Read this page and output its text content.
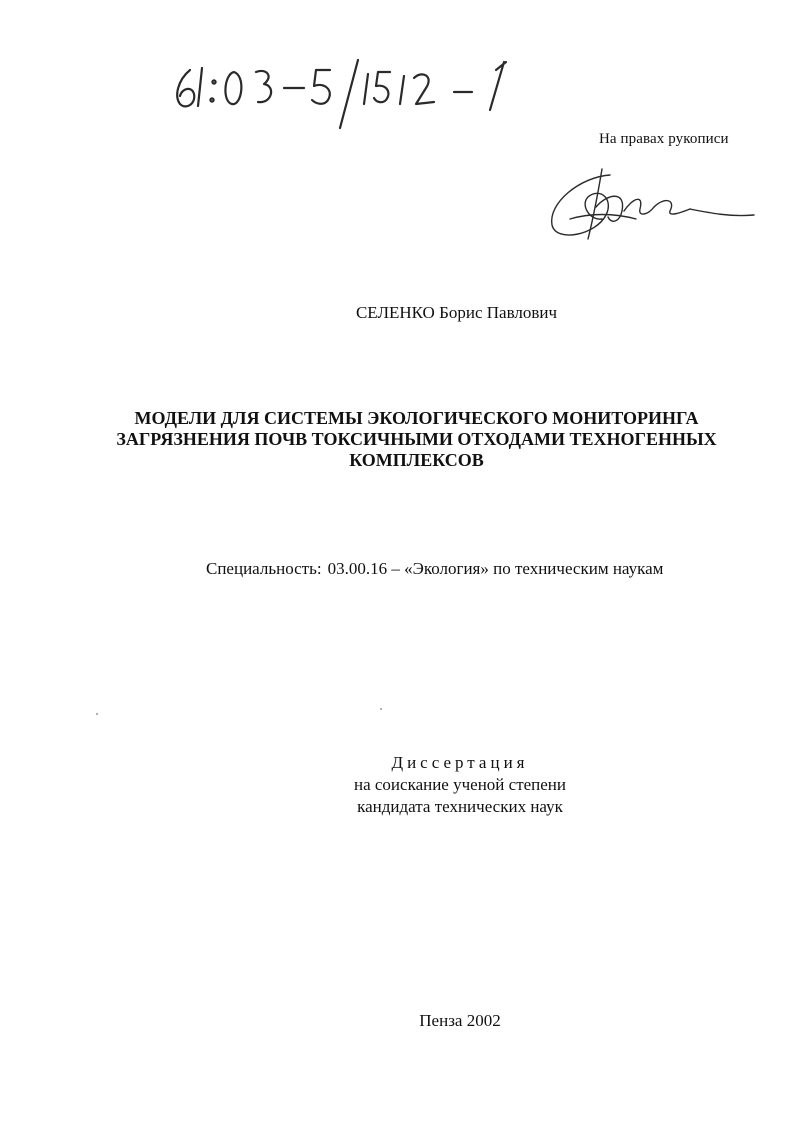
На правах рукописи
СЕЛЕНКО Борис Павлович
МОДЕЛИ ДЛЯ СИСТЕМЫ ЭКОЛОГИЧЕСКОГО МОНИТОРИНГА
ЗАГРЯЗНЕНИЯ ПОЧВ ТОКСИЧНЫМИ ОТХОДАМИ ТЕХНОГЕННЫХ
КОМПЛЕКСОВ
Специальность: 03.00.16 – «Экология» по техническим наукам
Диссертация
на соискание ученой степени
кандидата технических наук
Пенза 2002
